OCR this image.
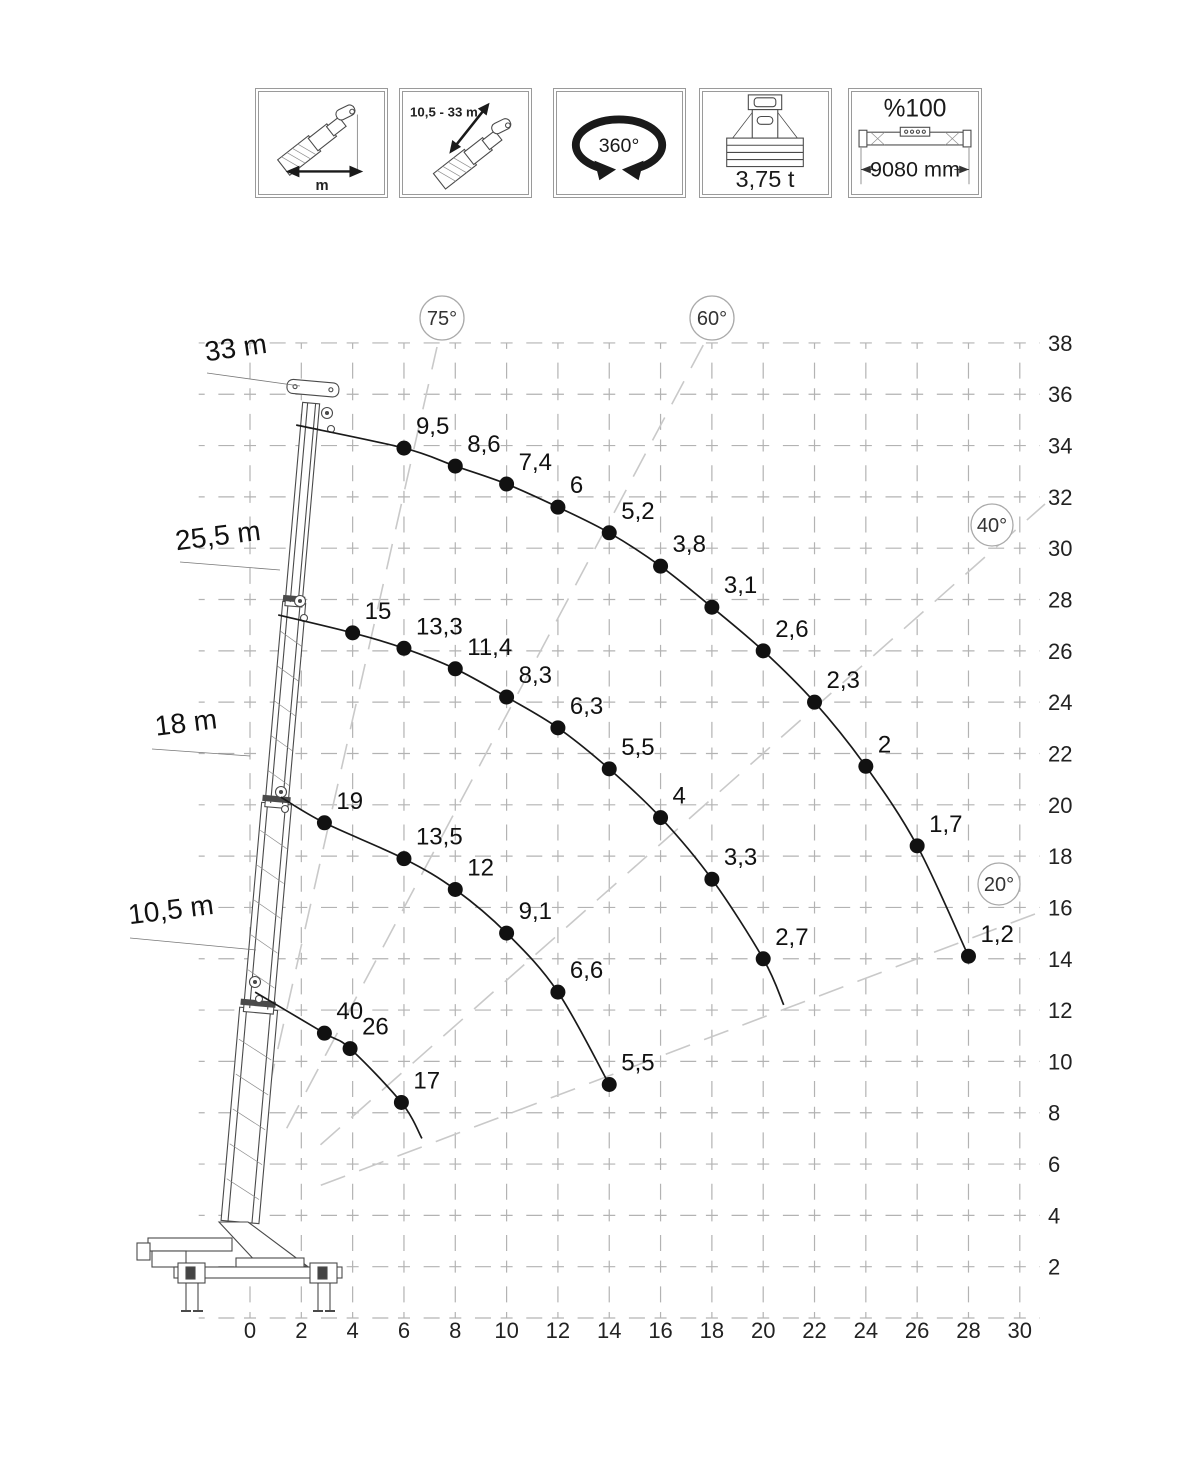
m
10,5 - 33 m
360°
3,75 t
%100
9080 mm
75°	60°
40°
20°
9,5
8,6
7,4
6
5,2
3,8
3,1
2,6
2,3
2
1,7
1,2
15
13,3
11,4
8,3
6,3
5,5
4
3,3
2,7
19
13,5
12
9,1
6,6
5,5
40
26
17
0 2 4 6 8 10 12 14 16 18 20 22 24 26 28 30
2
4
6
8
10
12
14
16
18
20
22
24
26
28
30
32
34
36
38
33 m
25,5 m
18 m
10,5 m
